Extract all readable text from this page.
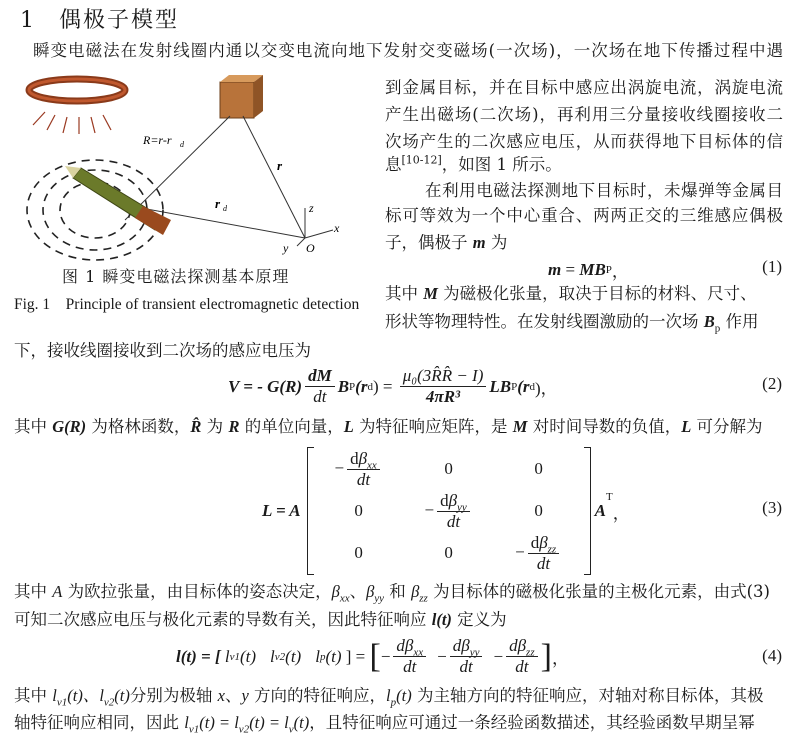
1 偶极子模型
瞬变电磁法在发射线圈内通以交变电流向地下发射交变磁场(一次场)，一次场在地下传播过程中遇
到金属目标，并在目标中感应出涡旋电流，涡旋电流
产生出磁场(二次场)，再利用三分量接收线圈接收二
次场产生的二次感应电压，从而获得地下目标体的信
息[10-12]，如图 1 所示。
在利用电磁法探测地下目标时，未爆弹等金属目
标可等效为一个中心重合、两两正交的三维感应偶极
子，偶极子 m 为
m = M B P ，	(1)
其中 M 为磁极化张量，取决于目标的材料、尺寸、
形状等物理特性。在发射线圈激励的一次场 $B_p$ 作用
下，接收线圈接收到二次场的感应电压为
V = - $G(R) \frac{dM}{dt}$ B P (r d ) = $\frac{\text{μ₀(3R̂R̂ − I)}}{\text{4πR³}}$ LB P (r d )，	(2)
其中 G(R) 为格林函数，R̂ 为 R 的单位向量，L 为特征响应矩阵，是 M 对时间导数的负值，L 可分解为
L = A
− $\frac{d\beta_{xx}}{dt}$	0	0
0	− $\frac{d\beta_{yy}}{dt}$	0
0	0	− $\frac{d\beta_{zz}}{dt}$
A
T
，	(3)
其中 A 为欧拉张量，由目标体的姿态决定，$\beta_{xx}$、$\beta_{yy}$ 和 $\beta_{zz}$ 为目标体的磁极化张量的主极化元素，由式(3)
可知二次感应电压与极化元素的导数有关，因此特征响应 l(t) 定义为
l(t) = [ l v1 (t) l v2 (t) l p (t) ] = [ − $\frac{d\beta_{xx}}{dt} - \frac{d\beta_{yy}}{dt} - \frac{d\beta_{zz}}{dt}$ ] ，	(4)
其中 $l_{v1}(t)$、$l_{v2}(t)$分别为极轴 x、y 方向的特征响应，$l_p(t)$ 为主轴方向的特征响应，对轴对称目标体，其极
轴特征响应相同，因此 $l_{v1}(t) = l_{v2}(t) = l_v(t)$，且特征响应可通过一条经验函数描述，其经验函数早期呈幂
R=r-r d
r
r d	z
x
y O
图 1 瞬变电磁法探测基本原理
Fig. 1    Principle of transient electromagnetic detection
